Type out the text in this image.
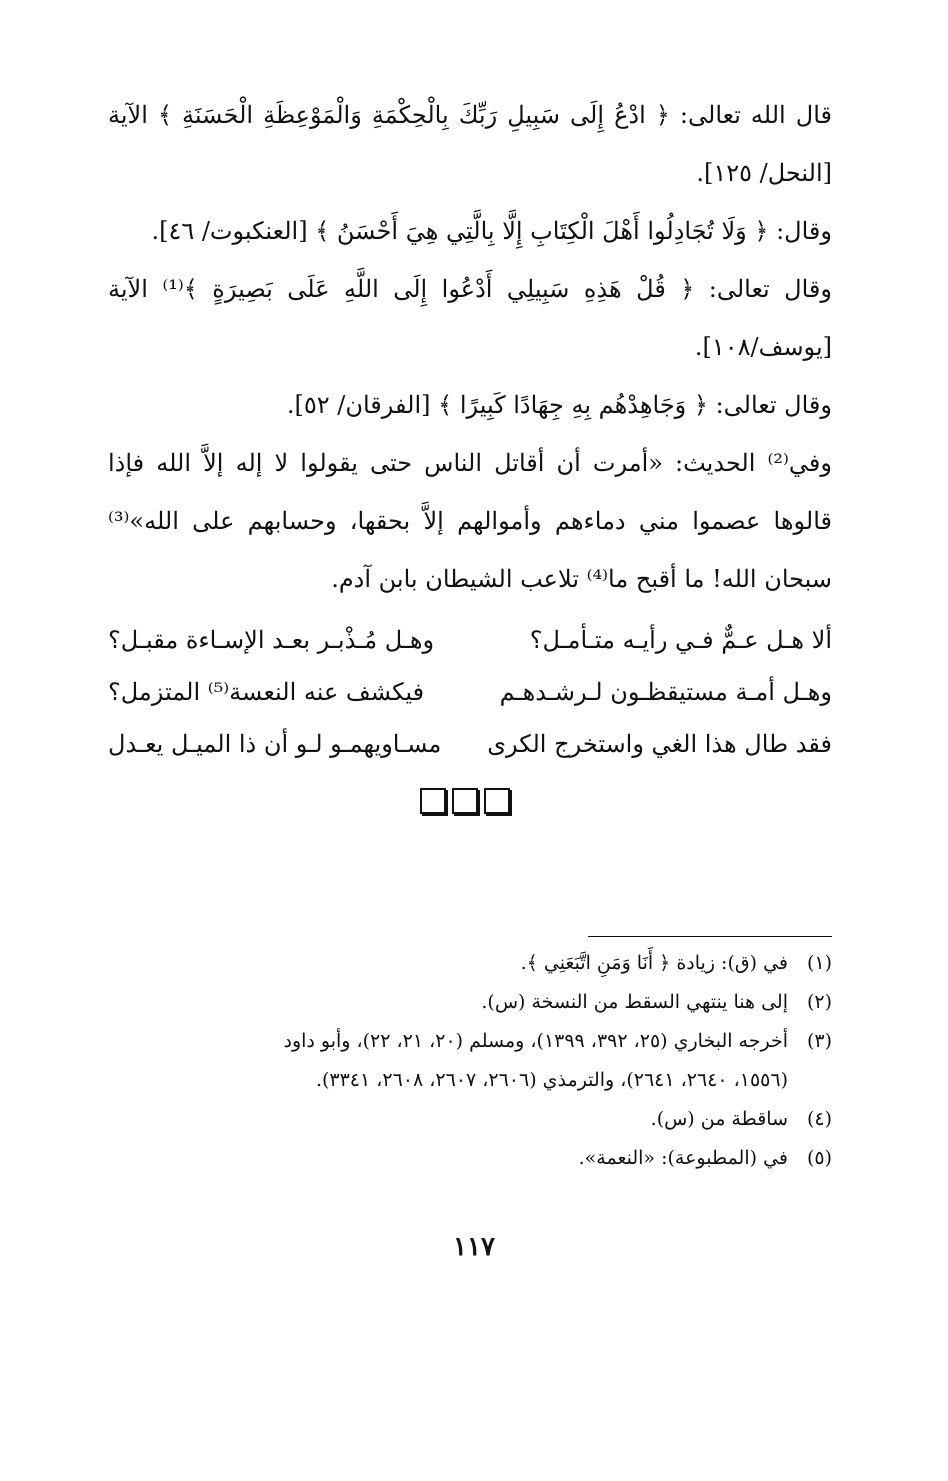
قال الله تعالى: ﴿ ادْعُ إِلَى سَبِيلِ رَبِّكَ بِالْحِكْمَةِ وَالْمَوْعِظَةِ الْحَسَنَةِ ﴾ الآية [النحل/ ١٢٥].

وقال: ﴿ وَلَا تُجَادِلُوا أَهْلَ الْكِتَابِ إِلَّا بِالَّتِي هِيَ أَحْسَنُ ﴾ [العنكبوت/ ٤٦].

وقال تعالى: ﴿ قُلْ هَذِهِ سَبِيلِي أَدْعُوا إِلَى اللَّهِ عَلَى بَصِيرَةٍ ﴾⁽¹⁾ الآية [يوسف/١٠٨].

وقال تعالى: ﴿ وَجَاهِدْهُم بِهِ جِهَادًا كَبِيرًا ﴾ [الفرقان/ ٥٢].

وفي⁽²⁾ الحديث: «أمرت أن أقاتل الناس حتى يقولوا لا إله إلاَّ الله فإذا قالوها عصموا مني دماءهم وأموالهم إلاَّ بحقها، وحسابهم على الله»⁽³⁾ سبحان الله! ما أقبح ما⁽⁴⁾ تلاعب الشيطان بابن آدم.

ألا هـل عـمٌّ فـي رأيـه متـأمـل؟
وهـل مُـذْبـر بعـد الإسـاءة مقبـل؟
وهـل أمـة مستيقظـون لـرشـدهـم
فيكشف عنه النعسة⁽⁵⁾ المتزمل؟
فقد طال هذا الغي واستخرج الكرى
مسـاويهمـو لـو أن ذا الميـل يعـدل
(١)في (ق): زيادة ﴿ أَنَا وَمَنِ اتَّبَعَنِي ﴾.
(٢)إلى هنا ينتهي السقط من النسخة (س).
(٣)أخرجه البخاري (٢٥، ٣٩٢، ١٣٩٩)، ومسلم (٢٠، ٢١، ٢٢)، وأبو داود
(١٥٥٦، ٢٦٤٠، ٢٦٤١)، والترمذي (٢٦٠٦، ٢٦٠٧، ٢٦٠٨، ٣٣٤١).
(٤)ساقطة من (س).
(٥)في (المطبوعة): «النعمة».
١١٧
